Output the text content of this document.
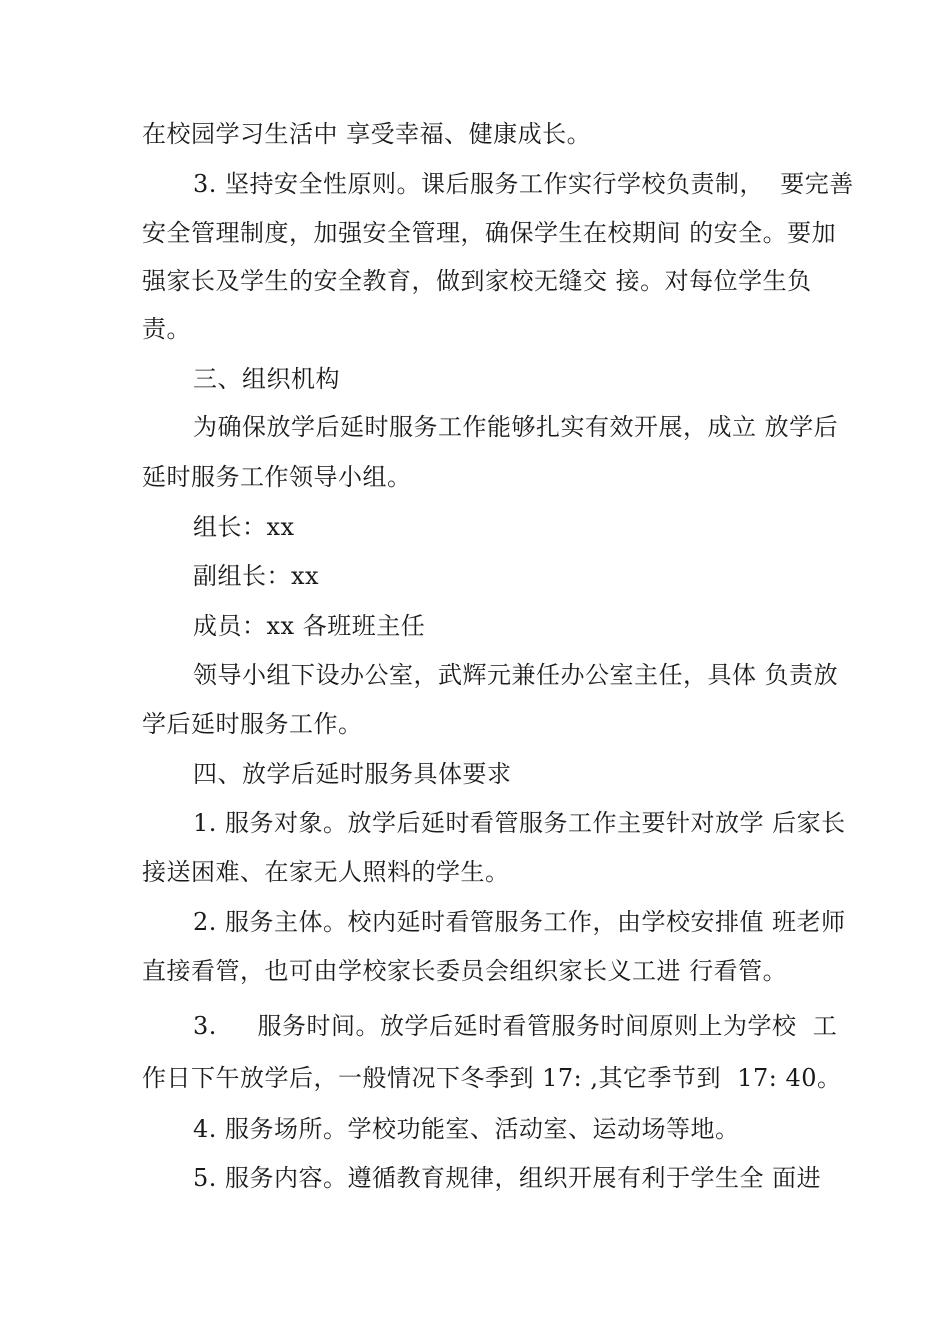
在校园学习生活中 享受幸福、健康成长。
3. 坚持安全性原则。课后服务工作实行学校负责制，  要完善
安全管理制度，加强安全管理，确保学生在校期间 的安全。要加
强家长及学生的安全教育，做到家校无缝交 接。对每位学生负
责。
三、组织机构
为确保放学后延时服务工作能够扎实有效开展，成立 放学后
延时服务工作领导小组。
组长：xx
副组长：xx
成员：xx 各班班主任
领导小组下设办公室，武辉元兼任办公室主任，具体 负责放
学后延时服务工作。
四、放学后延时服务具体要求
1. 服务对象。放学后延时看管服务工作主要针对放学 后家长
接送困难、在家无人照料的学生。
2. 服务主体。校内延时看管服务工作，由学校安排值 班老师
直接看管，也可由学校家长委员会组织家长义工进 行看管。
3.     服务时间。放学后延时看管服务时间原则上为学校  工
作日下午放学后，一般情况下冬季到 17: ,其它季节到  17: 40。
4. 服务场所。学校功能室、活动室、运动场等地。
5. 服务内容。遵循教育规律，组织开展有利于学生全 面进
